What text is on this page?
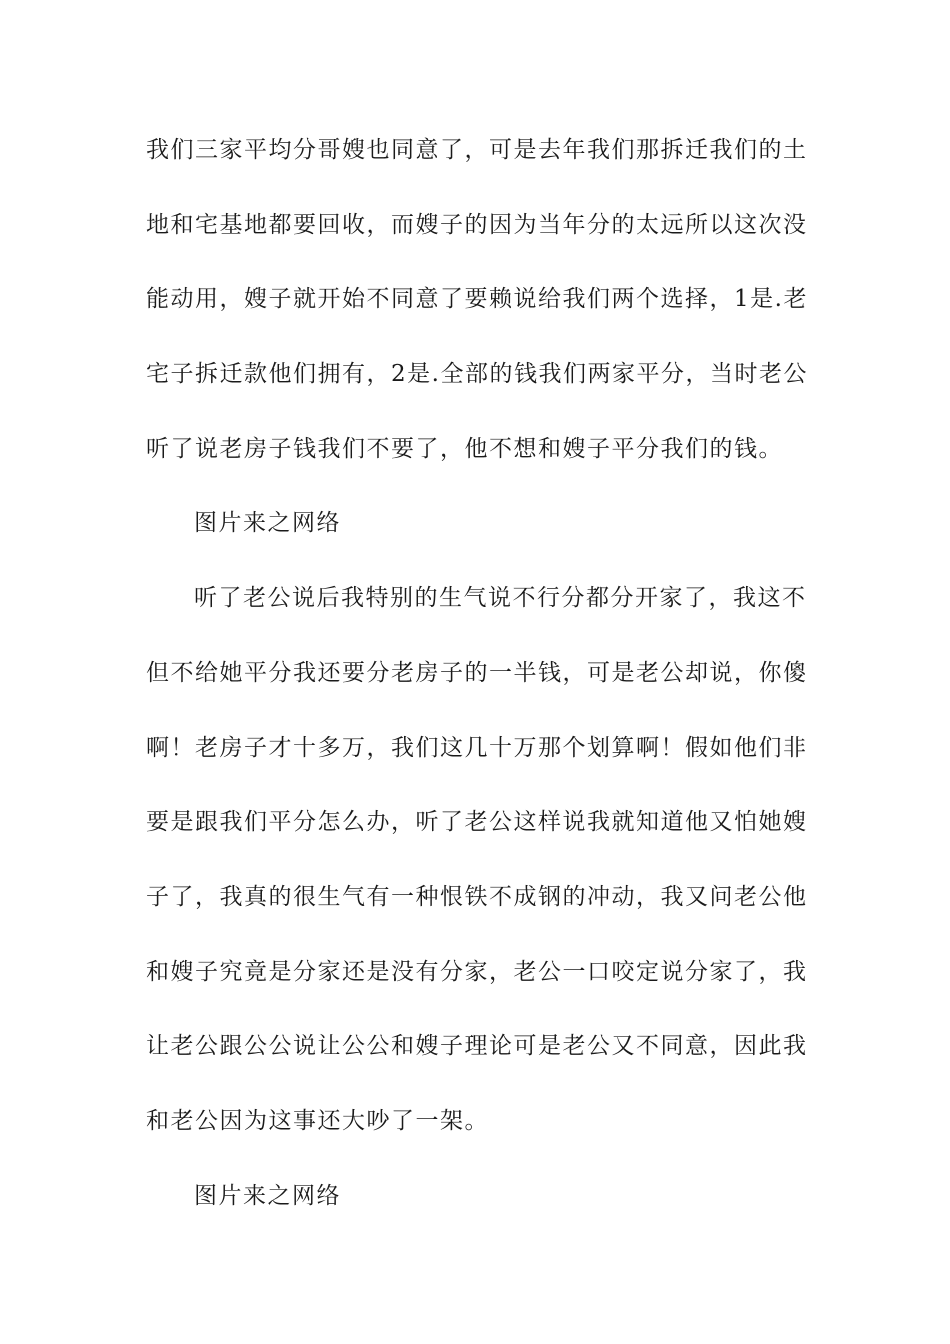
我们三家平均分哥嫂也同意了，可是去年我们那拆迁我们的土
地和宅基地都要回收，而嫂子的因为当年分的太远所以这次没
能动用，嫂子就开始不同意了要赖说给我们两个选择，1是.老
宅子拆迁款他们拥有，2是.全部的钱我们两家平分，当时老公
听了说老房子钱我们不要了，他不想和嫂子平分我们的钱。
图片来之网络
听了老公说后我特别的生气说不行分都分开家了，我这不
但不给她平分我还要分老房子的一半钱，可是老公却说，你傻
啊！老房子才十多万，我们这几十万那个划算啊！假如他们非
要是跟我们平分怎么办，听了老公这样说我就知道他又怕她嫂
子了，我真的很生气有一种恨铁不成钢的冲动，我又问老公他
和嫂子究竟是分家还是没有分家，老公一口咬定说分家了，我
让老公跟公公说让公公和嫂子理论可是老公又不同意，因此我
和老公因为这事还大吵了一架。
图片来之网络
